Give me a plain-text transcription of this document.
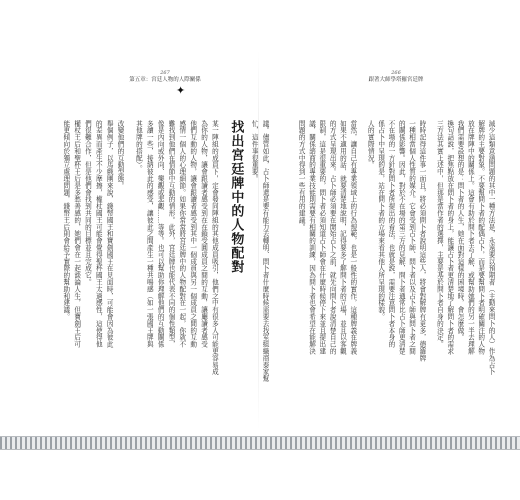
266
跟著大師學塔羅宮廷牌
減少這類意涵問題的其中一種方法是，永遠要以預期者（主動來問卜的人）作為占卜
解牌的主要對象。不要幫問卜者的配偶占卜，而是要幫問卜者明確關注的人物
放在牌陣中的關係上。這會有助於問卜者去了解，或幫助她們的另一半去理解
我們需要設想的是：問卜者的人生，她在面對這樣的困境時，會怎麼做。
換句話說，把焦點放在問卜者的身上，能讓占卜者更清楚地了解問卜者的需求
三方法其實上述中，但那是當作者的選擇，主要是基於問卜者自身的決定。
時時記得這件事一面且，將必須問卜者說明這些人，將會對解牌有更多，德羅牌
一種相當個人性質的媒介。它會受到占卜師、問卜者以及占卜師與問卜者之間
的關係影響。因此，對於不在場的第三方的見解，問卜者通常比占卜師更清楚
不在場的一方針對問卜者所提出的看法，也就是說，需要注意問卜者本身的
係占卜中呈現的是，站在問卜者的立場來看其他人所呈現的樣貌。
人的實際情況。
當然，讓自己有專業領域上的行為規範，也是一般性的實作，這種牌義在牌義
如果不適用的話，就要清楚地說明，記得要多了解問卜者的立場，並且以客觀
的方式呈現出來。占卜師必須要在開始占卜之前，就先向問卜者說清楚自己的
限制，這是很重要的，問卜者必須知道占卜師會在什麼時候停下來並且提出建
議，關係諮商的專業技能則需要有相關的訓練，因為問卜者也會希望在能解決
問題的方式中得到一些有用的建議。
267
第五章：宮廷人物的人際關係
議。儘管如此，占卜師還是要有能力去轉明、問卜者什麼時候需要去找室組織商泰家幫
忙，這件事很重要。
找出宮廷牌中的人物配對
某一陣組的成員下，定會發同陣組的其他成員吸引，他們之中有很多人可能更容易成
為你的人物，讓會跟讀者感受到在在鎖受圓成員之間的互動，讓廳讀者感受
他們互動的人物，讓會跟讀者感受到其中一個成員與另一個成員之間的互動
感情一個人的心理細節。如果你常常將宮廷牌中的人物配對在一起，你就不
難找到他們在情節中互動的情形。此外，宮廷牌也能代表不同的個性類型，
像是內向或外向、樂觀或悲觀……等等。也可以幫助你理解他們的互動關係
多讀一些，接納彼此的感受，讓彼此之間產生一種共鳴感（如一張國王牌與
其他牌的搭配）。
改變他們的互動型態。
舉個例子，以馬戲團來說，錢幣國王和寶劍國王在見面時，可能會因為彼此
的差異而產生不少摩擦，權杖國王可能會覺得聖杯國王太過感性，這使得他
們很難合作，但是他們會找到共同的目標並且完成它。
權杖王后和聖杯王后是多愁善感的，她們會在一起談論人生，但寶劍王后可
能更傾向於獨立處理問題，錢幣王后則會給予實際的幫助和建議。
✦
